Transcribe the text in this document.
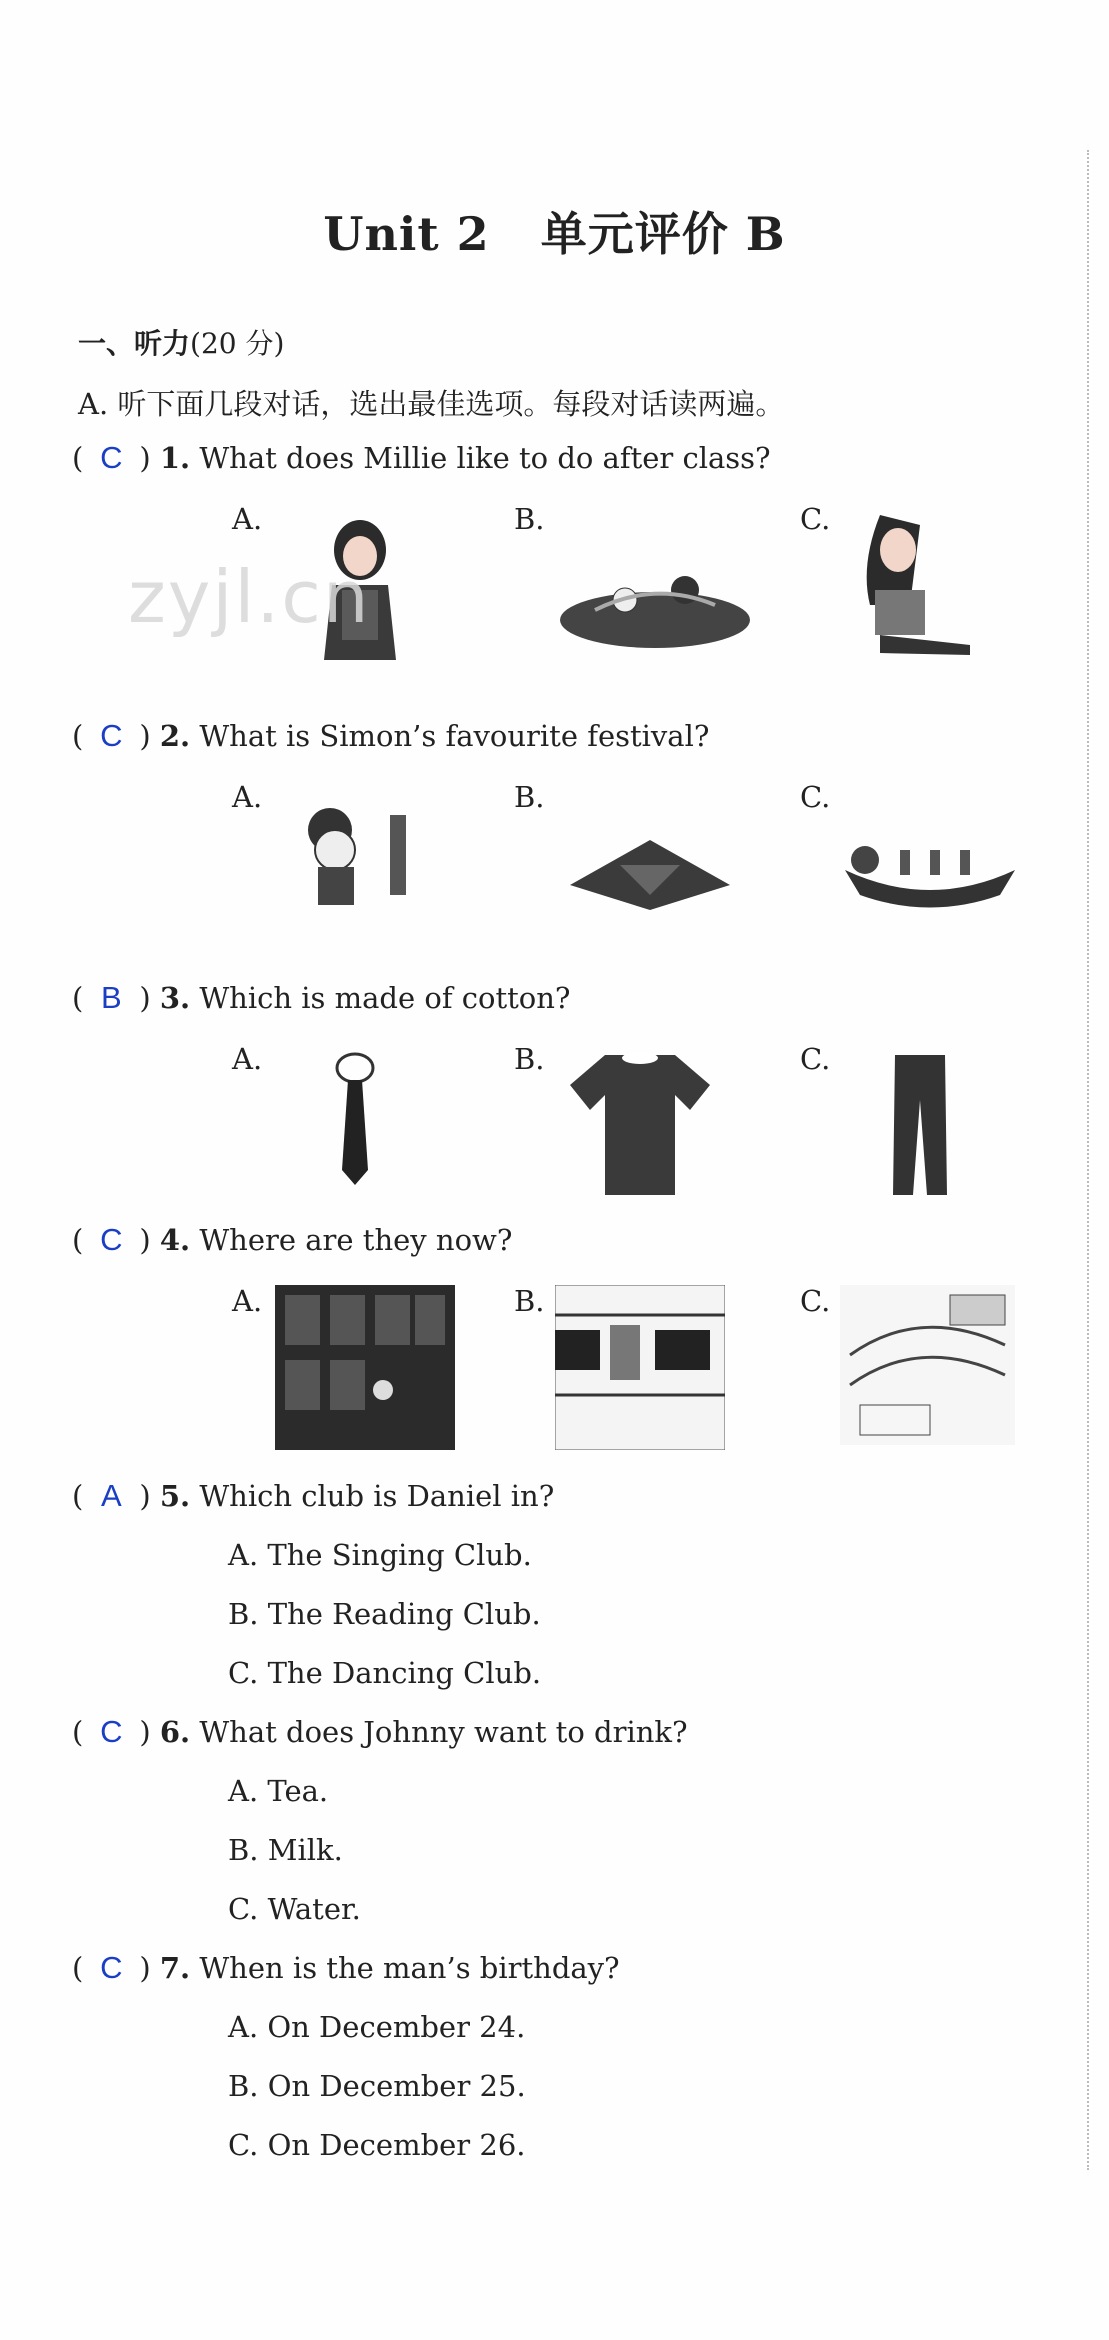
Unit 2   单元评价 B
一、听力(20 分)
A. 听下面几段对话，选出最佳选项。每段对话读两遍。
( C ) 1. What does Millie like to do after class?
A.	B.	C.
( C ) 2. What is Simon’s favourite festival?
A.	B.	C.
( B ) 3. Which is made of cotton?
A.	B.	C.
( C ) 4. Where are they now?
A.	B.	C.
( A ) 5. Which club is Daniel in?
A. The Singing Club.
B. The Reading Club.
C. The Dancing Club.
( C ) 6. What does Johnny want to drink?
A. Tea.
B. Milk.
C. Water.
( C ) 7. When is the man’s birthday?
A. On December 24.
B. On December 25.
C. On December 26.
zyjl.cn
